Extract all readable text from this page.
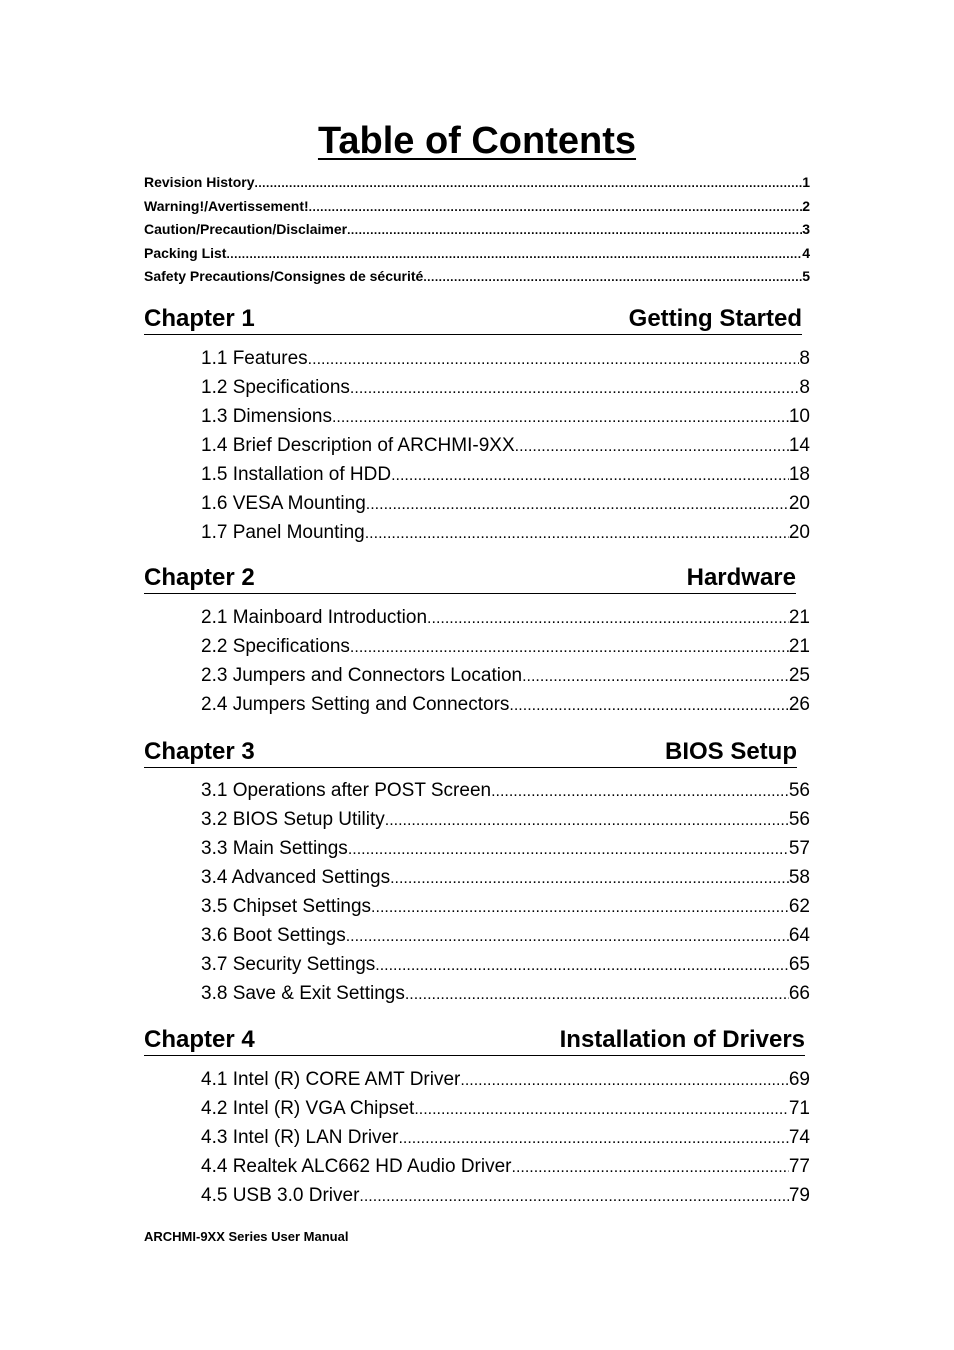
Table of Contents
Revision History .....	1
Warning!/Avertissement! .....	2
Caution/Precaution/Disclaimer .....	3
Packing List .....	4
Safety Precautions/Consignes de sécurité .....	5
Chapter 1	Getting Started
1.1 Features .....	8
1.2 Specifications .....	8
1.3 Dimensions .....	10
1.4 Brief Description of ARCHMI-9XX .....	14
1.5 Installation of HDD .....	18
1.6 VESA Mounting .....	20
1.7 Panel Mounting .....	20
Chapter 2	Hardware
2.1 Mainboard Introduction .....	21
2.2 Specifications .....	21
2.3 Jumpers and Connectors Location .....	25
2.4 Jumpers Setting and Connectors .....	26
Chapter 3	BIOS Setup
3.1 Operations after POST Screen .....	56
3.2 BIOS Setup Utility .....	56
3.3 Main Settings .....	57
3.4 Advanced Settings .....	58
3.5 Chipset Settings .....	62
3.6 Boot Settings .....	64
3.7 Security Settings .....	65
3.8 Save & Exit Settings .....	66
Chapter 4	Installation of Drivers
4.1 Intel (R) CORE AMT Driver .....	69
4.2 Intel (R) VGA Chipset .....	71
4.3 Intel (R) LAN Driver .....	74
4.4 Realtek ALC662 HD Audio Driver .....	77
4.5 USB 3.0 Driver .....	79
ARCHMI-9XX Series User Manual
